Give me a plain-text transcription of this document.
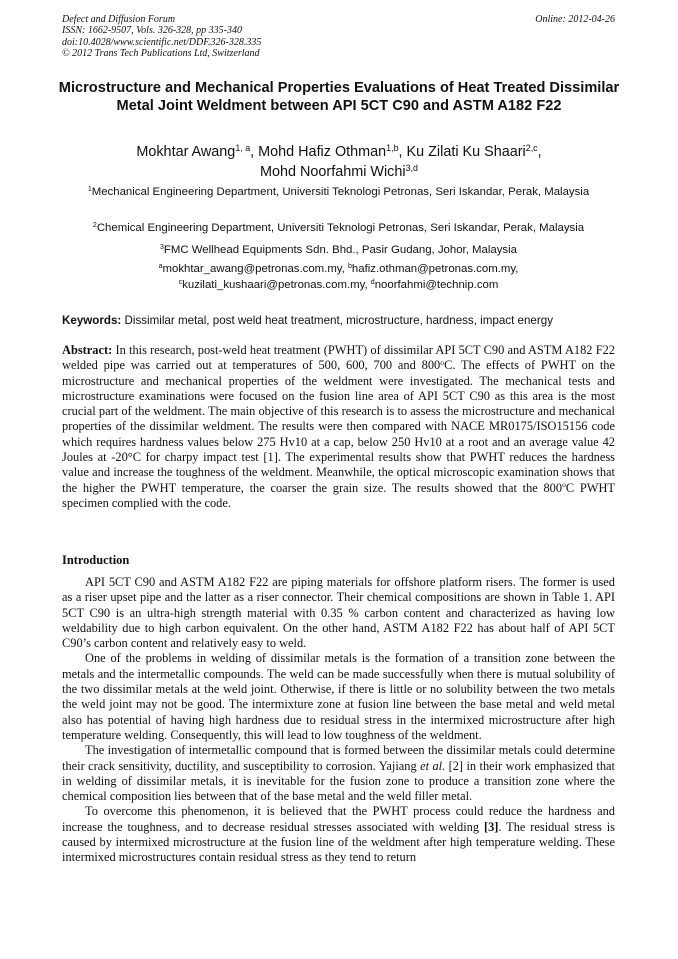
Defect and Diffusion Forum
ISSN: 1662-9507, Vols. 326-328, pp 335-340
doi:10.4028/www.scientific.net/DDF.326-328.335
© 2012 Trans Tech Publications Ltd, Switzerland
Online: 2012-04-26
Microstructure and Mechanical Properties Evaluations of Heat Treated Dissimilar Metal Joint Weldment between API 5CT C90 and ASTM A182 F22
Mokhtar Awang$^{1, a}$, Mohd Hafiz Othman$^{1,b}$, Ku Zilati Ku Shaari$^{2,c}$,
Mohd Noorfahmi Wichi$^{3,d}$
$^1$Mechanical Engineering Department, Universiti Teknologi Petronas, Seri Iskandar, Perak, Malaysia
$^2$Chemical Engineering Department, Universiti Teknologi Petronas, Seri Iskandar, Perak, Malaysia
$^3$FMC Wellhead Equipments Sdn. Bhd., Pasir Gudang, Johor, Malaysia
$^a$mokhtar_awang@petronas.com.my, $^b$hafiz.othman@petronas.com.my,
$^c$kuzilati_kushaari@petronas.com.my, $^d$noorfahmi@technip.com
Keywords: Dissimilar metal, post weld heat treatment, microstructure, hardness, impact energy
Abstract: In this research, post-weld heat treatment (PWHT) of dissimilar API 5CT C90 and ASTM A182 F22 welded pipe was carried out at temperatures of 500, 600, 700 and 800$^o$C. The effects of PWHT on the microstructure and mechanical properties of the weldment were investigated. The mechanical tests and microstructure examinations were focused on the fusion line area of API 5CT C90 as this area is the most crucial part of the weldment. The main objective of this research is to assess the microstructure and mechanical properties of the dissimilar weldment. The results were then compared with NACE MR0175/ISO15156 code which requires hardness values below 275 Hv10 at a cap, below 250 Hv10 at a root and an average value 42 Joules at -20°C for charpy impact test [1]. The experimental results show that PWHT reduces the hardness value and increase the toughness of the weldment. Meanwhile, the optical microscopic examination shows that the higher the PWHT temperature, the coarser the grain size. The results showed that the 800$^o$C PWHT specimen complied with the code.
Introduction

API 5CT C90 and ASTM A182 F22 are piping materials for offshore platform risers. The former is used as a riser upset pipe and the latter as a riser connector. Their chemical compositions are shown in Table 1. API 5CT C90 is an ultra-high strength material with 0.35 % carbon content and characterized as having low weldability due to high carbon equivalent. On the other hand, ASTM A182 F22 has about half of API 5CT C90’s carbon content and relatively easy to weld.

One of the problems in welding of dissimilar metals is the formation of a transition zone between the metals and the intermetallic compounds. The weld can be made successfully when there is mutual solubility of the two dissimilar metals at the weld joint. Otherwise, if there is little or no solubility between the two metals the weld joint may not be good. The intermixture zone at fusion line between the base metal and weld metal also has potential of having high hardness due to residual stress in the intermixed microstructure after high temperature welding. Consequently, this will lead to low toughness of the weldment.

The investigation of intermetallic compound that is formed between the dissimilar metals could determine their crack sensitivity, ductility, and susceptibility to corrosion. Yajiang et al. [2] in their work emphasized that in welding of dissimilar metals, it is inevitable for the fusion zone to produce a transition zone where the chemical composition lies between that of the base metal and the weld filler metal.

To overcome this phenomenon, it is believed that the PWHT process could reduce the hardness and increase the toughness, and to decrease residual stresses associated with welding [3]. The residual stress is caused by intermixed microstructure at the fusion line of the weldment after high temperature welding. These intermixed microstructures contain residual stress as they tend to return
